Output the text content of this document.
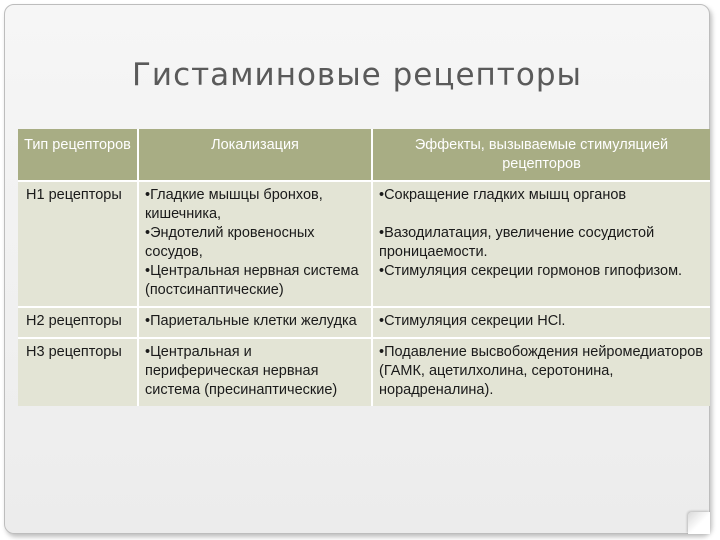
Гистаминовые рецепторы
Тип рецепторов	Локализация	Эффекты, вызываемые стимуляцией рецепторов
Н1 рецепторы	•Гладкие мышцы бронхов, кишечника,
•Эндотелий кровеносных сосудов,
•Центральная нервная система (постсинаптические)	•Сокращение гладких мышц органов
•Вазодилатация, увеличение сосудистой проницаемости.
•Стимуляция секреции гормонов гипофизом.

Н2 рецепторы	•Париетальные клетки желудка	•Стимуляция секреции НСl.

Н3 рецепторы	•Центральная и периферическая нервная система (пресинаптические)	•Подавление высвобождения нейромедиаторов (ГАМК, ацетилхолина, серотонина, норадреналина).
